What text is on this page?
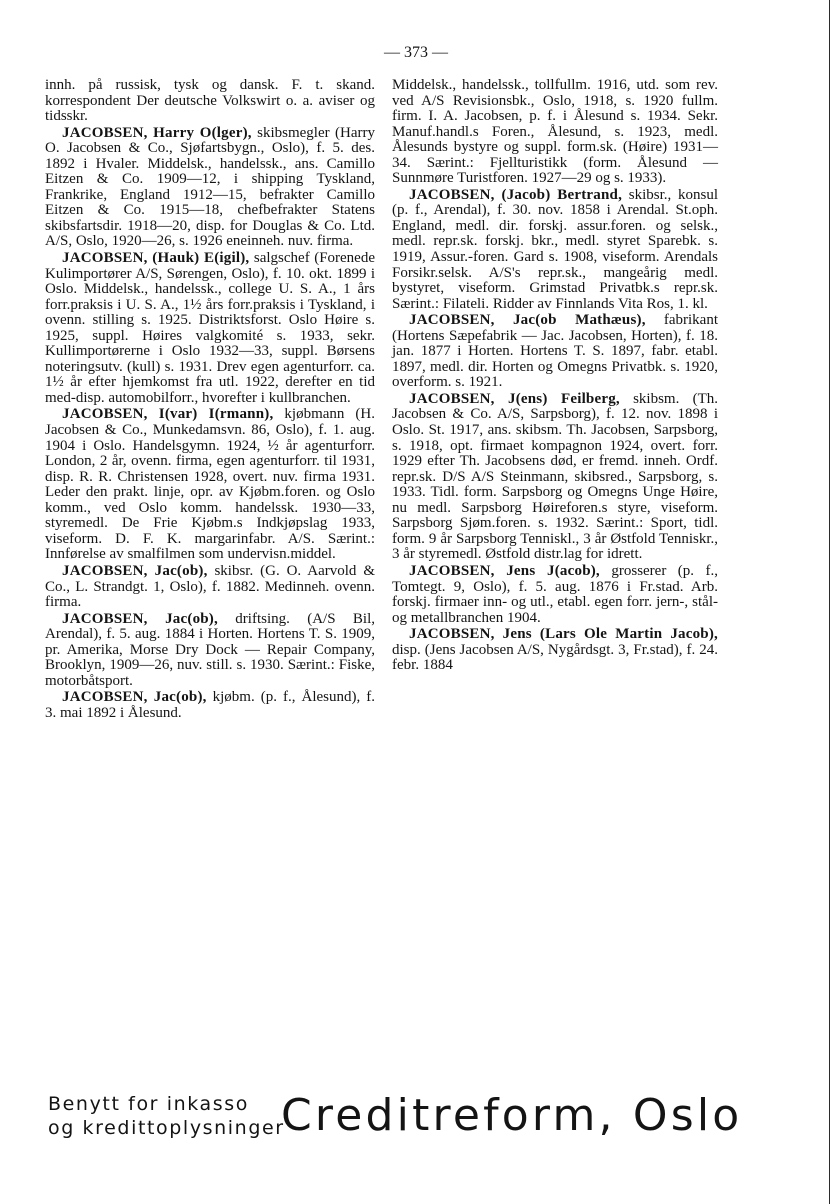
— 373 —

innh. på russisk, tysk og dansk. F. t. skand. korrespondent Der deutsche Volkswirt o. a. aviser og tidsskr.

JACOBSEN, Harry O(lger), skibsmegler (Harry O. Jacobsen & Co., Sjøfartsbygn., Oslo), f. 5. des. 1892 i Hvaler. Middelsk., handelssk., ans. Camillo Eitzen & Co. 1909—12, i shipping Tyskland, Frankrike, England 1912—15, befrakter Camillo Eitzen & Co. 1915—18, chefbefrakter Statens skibsfartsdir. 1918—20, disp. for Douglas & Co. Ltd. A/S, Oslo, 1920—26, s. 1926 eneinneh. nuv. firma.

JACOBSEN, (Hauk) E(igil), salgschef (Forenede Kulimportører A/S, Sørengen, Oslo), f. 10. okt. 1899 i Oslo. Middelsk., handelssk., college U. S. A., 1 års forr.praksis i U. S. A., 1½ års forr.praksis i Tyskland, i ovenn. stilling s. 1925. Distriktsforst. Oslo Høire s. 1925, suppl. Høires valgkomité s. 1933, sekr. Kullimportørerne i Oslo 1932—33, suppl. Børsens noteringsutv. (kull) s. 1931. Drev egen agenturforr. ca. 1½ år efter hjemkomst fra utl. 1922, derefter en tid med-disp. automobilforr., hvorefter i kullbranchen.

JACOBSEN, I(var) I(rmann), kjøbmann (H. Jacobsen & Co., Munkedamsvn. 86, Oslo), f. 1. aug. 1904 i Oslo. Handelsgymn. 1924, ½ år agenturforr. London, 2 år, ovenn. firma, egen agenturforr. til 1931, disp. R. R. Christensen 1928, overt. nuv. firma 1931. Leder den prakt. linje, opr. av Kjøbm.foren. og Oslo komm., ved Oslo komm. handelssk. 1930—33, styremedl. De Frie Kjøbm.s Indkjøpslag 1933, viseform. D. F. K. margarinfabr. A/S. Særint.: Innførelse av smalfilmen som undervisn.middel.

JACOBSEN, Jac(ob), skibsr. (G. O. Aarvold & Co., L. Strandgt. 1, Oslo), f. 1882. Medinneh. ovenn. firma.

JACOBSEN, Jac(ob), driftsing. (A/S Bil, Arendal), f. 5. aug. 1884 i Horten. Hortens T. S. 1909, pr. Amerika, Morse Dry Dock — Repair Company, Brooklyn, 1909—26, nuv. still. s. 1930. Særint.: Fiske, motorbåtsport.

JACOBSEN, Jac(ob), kjøbm. (p. f., Ålesund), f. 3. mai 1892 i Ålesund.

Middelsk., handelssk., tollfullm. 1916, utd. som rev. ved A/S Revisionsbk., Oslo, 1918, s. 1920 fullm. firm. I. A. Jacobsen, p. f. i Ålesund s. 1934. Sekr. Manuf.handl.s Foren., Ålesund, s. 1923, medl. Ålesunds bystyre og suppl. form.sk. (Høire) 1931—34. Særint.: Fjellturistikk (form. Ålesund —Sunnmøre Turistforen. 1927—29 og s. 1933).

JACOBSEN, (Jacob) Bertrand, skibsr., konsul (p. f., Arendal), f. 30. nov. 1858 i Arendal. St.oph. England, medl. dir. forskj. assur.foren. og selsk., medl. repr.sk. forskj. bkr., medl. styret Sparebk. s. 1919, Assur.-foren. Gard s. 1908, viseform. Arendals Forsikr.selsk. A/S's repr.sk., mangeårig medl. bystyret, viseform. Grimstad Privatbk.s repr.sk. Særint.: Filateli. Ridder av Finnlands Vita Ros, 1. kl.

JACOBSEN, Jac(ob Mathæus), fabrikant (Hortens Sæpefabrik — Jac. Jacobsen, Horten), f. 18. jan. 1877 i Horten. Hortens T. S. 1897, fabr. etabl. 1897, medl. dir. Horten og Omegns Privatbk. s. 1920, overform. s. 1921.

JACOBSEN, J(ens) Feilberg, skibsm. (Th. Jacobsen & Co. A/S, Sarpsborg), f. 12. nov. 1898 i Oslo. St. 1917, ans. skibsm. Th. Jacobsen, Sarpsborg, s. 1918, opt. firmaet kompagnon 1924, overt. forr. 1929 efter Th. Jacobsens død, er fremd. inneh. Ordf. repr.sk. D/S A/S Steinmann, skibsred., Sarpsborg, s. 1933. Tidl. form. Sarpsborg og Omegns Unge Høire, nu medl. Sarpsborg Høireforen.s styre, viseform. Sarpsborg Sjøm.foren. s. 1932. Særint.: Sport, tidl. form. 9 år Sarpsborg Tenniskl., 3 år Østfold Tenniskr., 3 år styremedl. Østfold distr.lag for idrett.

JACOBSEN, Jens J(acob), grosserer (p. f., Tomtegt. 9, Oslo), f. 5. aug. 1876 i Fr.stad. Arb. forskj. firmaer inn- og utl., etabl. egen forr. jern-, stål- og metallbranchen 1904.

JACOBSEN, Jens (Lars Ole Martin Jacob), disp. (Jens Jacobsen A/S, Nygårdsgt. 3, Fr.stad), f. 24. febr. 1884

Benytt for inkasso
og kredittoplysninger
Creditreform, Oslo
